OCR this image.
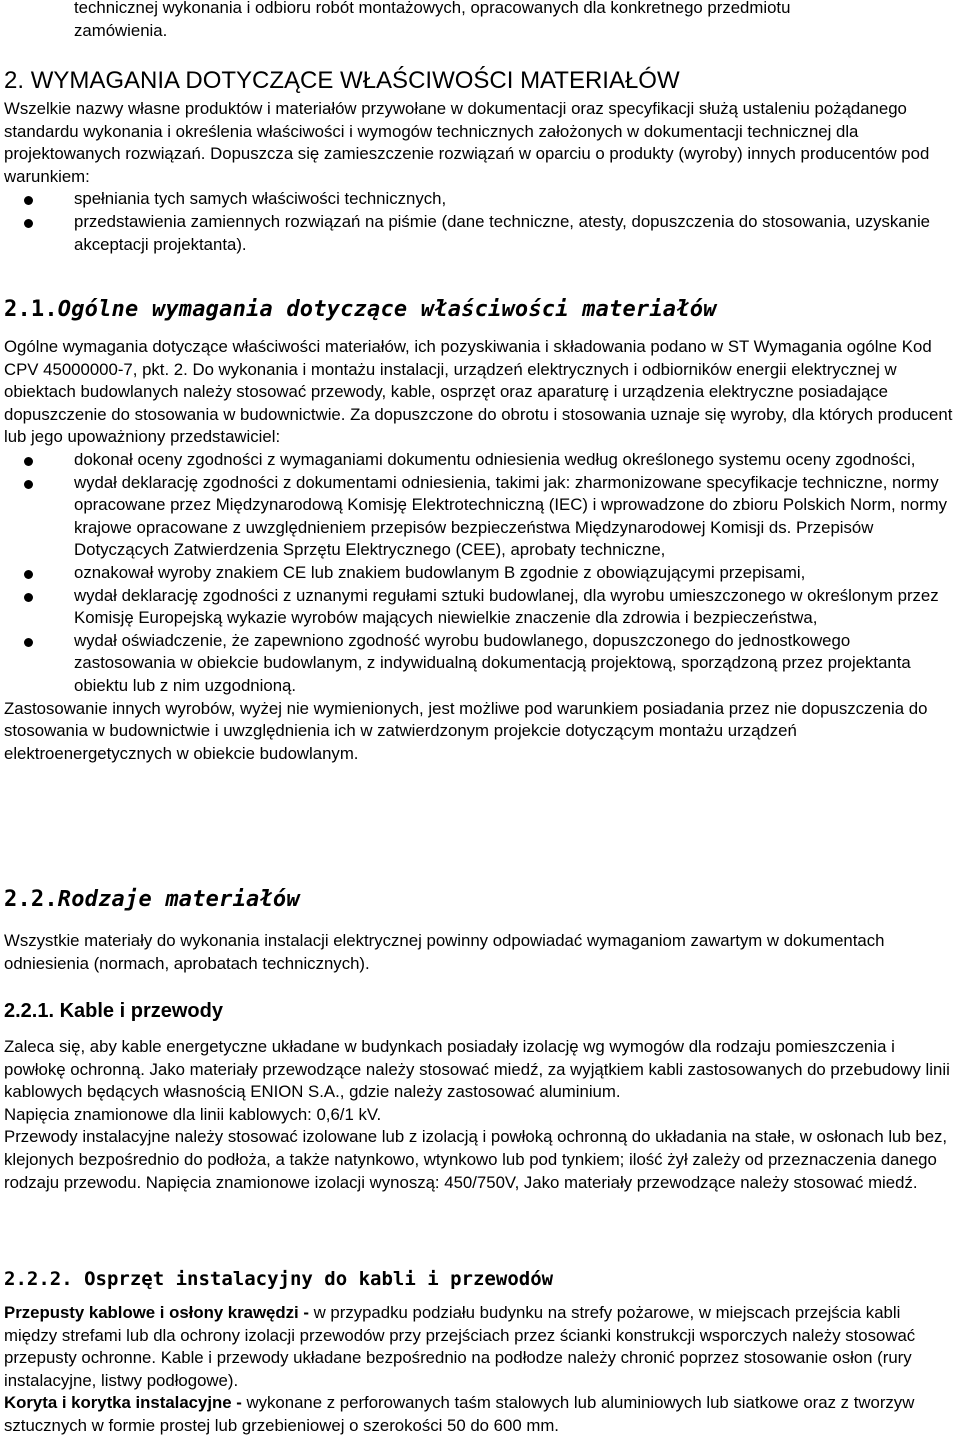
technicznej wykonania i odbioru robót montażowych, opracowanych dla konkretnego przedmiotu
zamówienia.

2. WYMAGANIA DOTYCZĄCE WŁAŚCIWOŚCI MATERIAŁÓW

Wszelkie nazwy własne produktów i materiałów przywołane w dokumentacji oraz specyfikacji służą ustaleniu pożądanego standardu wykonania i określenia właściwości i wymogów technicznych założonych w dokumentacji technicznej dla projektowanych rozwiązań. Dopuszcza się zamieszczenie rozwiązań w oparciu o produkty (wyroby) innych producentów pod warunkiem:

spełniania tych samych właściwości technicznych,
przedstawienia zamiennych rozwiązań na piśmie (dane techniczne, atesty, dopuszczenia do stosowania, uzyskanie akceptacji projektanta).
2.1.Ogólne wymagania dotyczące właściwości materiałów

Ogólne wymagania dotyczące właściwości materiałów, ich pozyskiwania i składowania podano w ST Wymagania ogólne Kod CPV 45000000-7, pkt. 2. Do wykonania i montażu instalacji, urządzeń elektrycznych i odbiorników energii elektrycznej w obiektach budowlanych należy stosować przewody, kable, osprzęt oraz aparaturę i urządzenia elektryczne posiadające dopuszczenie do stosowania w budownictwie. Za dopuszczone do obrotu i stosowania uznaje się wyroby, dla których producent lub jego upoważniony przedstawiciel:

dokonał oceny zgodności z wymaganiami dokumentu odniesienia według określonego systemu oceny zgodności,
wydał deklarację zgodności z dokumentami odniesienia, takimi jak: zharmonizowane specyfikacje techniczne, normy opracowane przez Międzynarodową Komisję Elektrotechniczną (IEC) i wprowadzone do zbioru Polskich Norm, normy krajowe opracowane z uwzględnieniem przepisów bezpieczeństwa Międzynarodowej Komisji ds. Przepisów Dotyczących Zatwierdzenia Sprzętu Elektrycznego (CEE), aprobaty techniczne,
oznakował wyroby znakiem CE lub znakiem budowlanym B zgodnie z obowiązującymi przepisami,
wydał deklarację zgodności z uznanymi regułami sztuki budowlanej, dla wyrobu umieszczonego w określonym przez Komisję Europejską wykazie wyrobów mających niewielkie znaczenie dla zdrowia i bezpieczeństwa,
wydał oświadczenie, że zapewniono zgodność wyrobu budowlanego, dopuszczonego do jednostkowego zastosowania w obiekcie budowlanym, z indywidualną dokumentacją projektową, sporządzoną przez projektanta obiektu lub z nim uzgodnioną.

Zastosowanie innych wyrobów, wyżej nie wymienionych, jest możliwe pod warunkiem posiadania przez nie dopuszczenia do stosowania w budownictwie i uwzględnienia ich w zatwierdzonym projekcie dotyczącym montażu urządzeń elektroenergetycznych w obiekcie budowlanym.

2.2.Rodzaje materiałów

Wszystkie materiały do wykonania instalacji elektrycznej powinny odpowiadać wymaganiom zawartym w dokumentach odniesienia (normach, aprobatach technicznych).

2.2.1. Kable i przewody

Zaleca się, aby kable energetyczne układane w budynkach posiadały izolację wg wymogów dla rodzaju pomieszczenia i powłokę ochronną. Jako materiały przewodzące należy stosować miedź, za wyjątkiem kabli zastosowanych do przebudowy linii kablowych będących własnością ENION S.A., gdzie należy zastosować aluminium.

Napięcia znamionowe dla linii kablowych: 0,6/1 kV.

Przewody instalacyjne należy stosować izolowane lub z izolacją i powłoką ochronną do układania na stałe, w osłonach lub bez, klejonych bezpośrednio do podłoża, a także natynkowo, wtynkowo lub pod tynkiem; ilość żył zależy od przeznaczenia danego rodzaju przewodu. Napięcia znamionowe izolacji wynoszą: 450/750V, Jako materiały przewodzące należy stosować miedź.

2.2.2. Osprzęt instalacyjny do kabli i przewodów

Przepusty kablowe i osłony krawędzi - w przypadku podziału budynku na strefy pożarowe, w miejscach przejścia kabli między strefami lub dla ochrony izolacji przewodów przy przejściach przez ścianki konstrukcji wsporczych należy stosować przepusty ochronne. Kable i przewody układane bezpośrednio na podłodze należy chronić poprzez stosowanie osłon (rury instalacyjne, listwy podłogowe).

Koryta i korytka instalacyjne - wykonane z perforowanych taśm stalowych lub aluminiowych lub siatkowe oraz z tworzyw sztucznych w formie prostej lub grzebieniowej o szerokości 50 do 600 mm.
